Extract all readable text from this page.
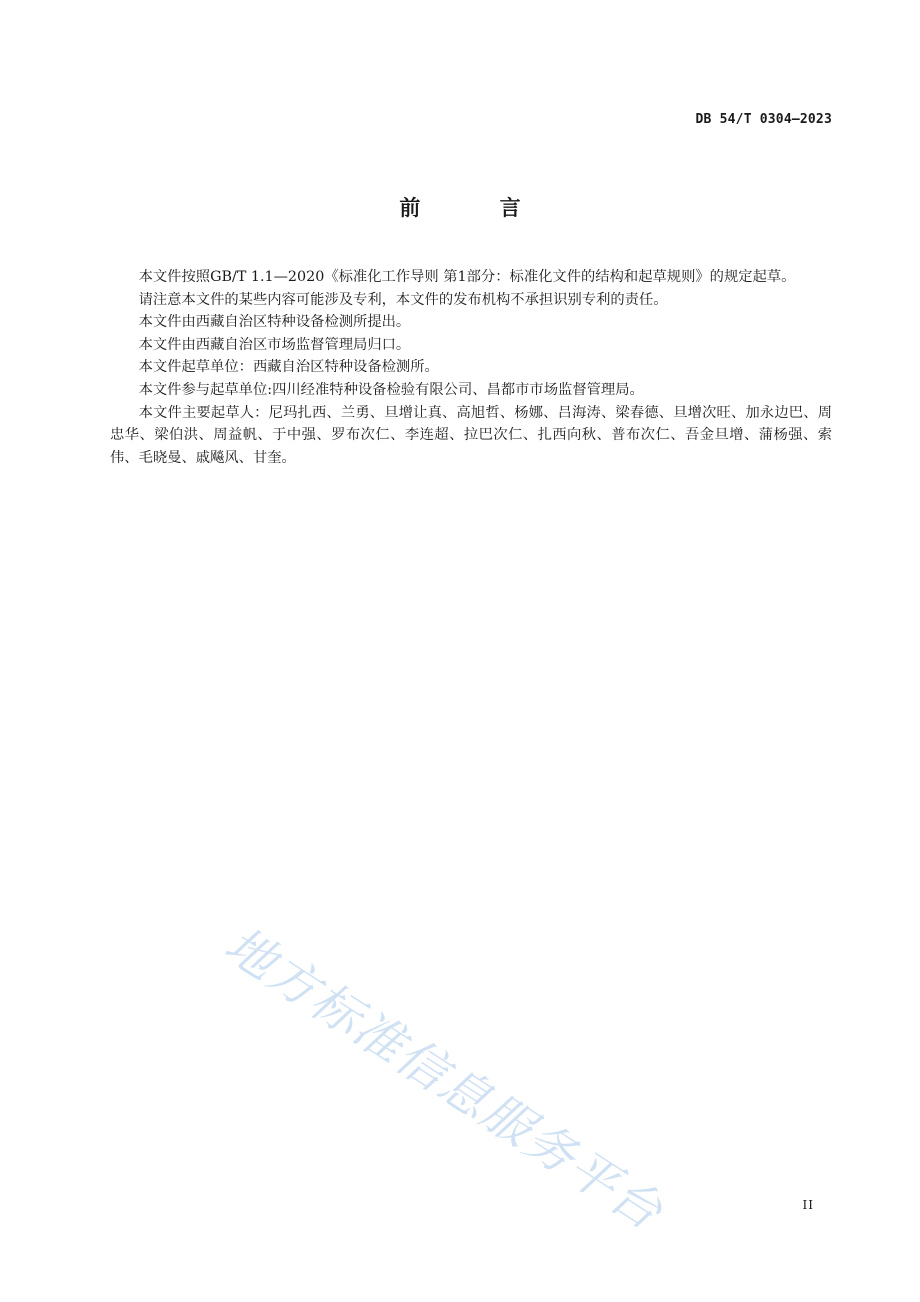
DB 54/T 0304—2023
前 言

本文件按照GB/T 1.1—2020《标准化工作导则 第1部分：标准化文件的结构和起草规则》的规定起草。

请注意本文件的某些内容可能涉及专利，本文件的发布机构不承担识别专利的责任。

本文件由西藏自治区特种设备检测所提出。

本文件由西藏自治区市场监督管理局归口。

本文件起草单位：西藏自治区特种设备检测所。

本文件参与起草单位:四川经准特种设备检验有限公司、昌都市市场监督管理局。

本文件主要起草人：尼玛扎西、兰勇、旦增让真、高旭哲、杨娜、吕海涛、梁春德、旦增次旺、加永边巴、周忠华、梁伯洪、周益帆、于中强、罗布次仁、李连超、拉巴次仁、扎西向秋、普布次仁、吾金旦增、蒲杨强、索伟、毛晓曼、戚飚风、甘奎。

地方标准信息服务平台	II
